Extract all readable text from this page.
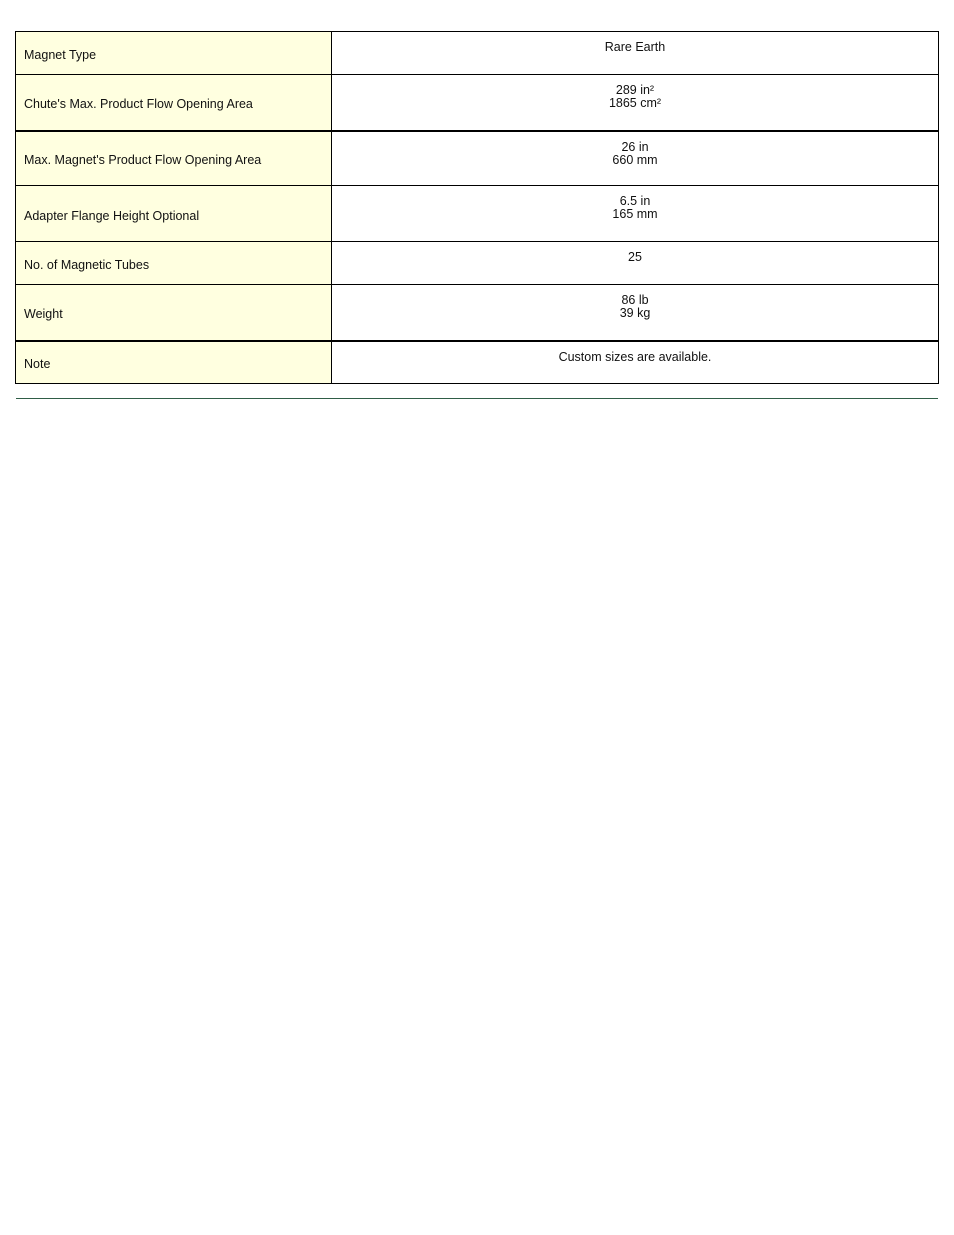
Magnet Type	Rare Earth

Chute's Max. Product Flow Opening Area	289 in²
1865 cm²

Max. Magnet's Product Flow Opening Area	26 in
660 mm

Adapter Flange Height Optional	6.5 in
165 mm

No. of Magnetic Tubes	25

Weight	86 lb
39 kg

Note	Custom sizes are available.
